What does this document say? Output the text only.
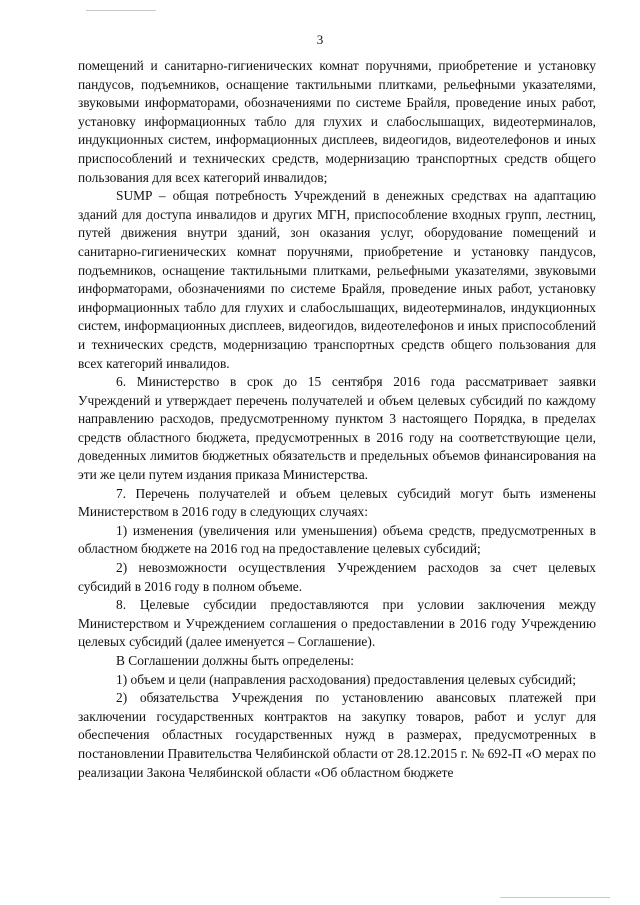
3

помещений и санитарно-гигиенических комнат поручнями, приобретение и установку пандусов, подъемников, оснащение тактильными плитками, рельефными указателями, звуковыми информаторами, обозначениями по системе Брайля, проведение иных работ, установку информационных табло для глухих и слабослышащих, видеотерминалов, индукционных систем, информационных дисплеев, видеогидов, видеотелефонов и иных приспособлений и технических средств, модернизацию транспортных средств общего пользования для всех категорий инвалидов;

SUMP – общая потребность Учреждений в денежных средствах на адаптацию зданий для доступа инвалидов и других МГН, приспособление входных групп, лестниц, путей движения внутри зданий, зон оказания услуг, оборудование помещений и санитарно-гигиенических комнат поручнями, приобретение и установку пандусов, подъемников, оснащение тактильными плитками, рельефными указателями, звуковыми информаторами, обозначениями по системе Брайля, проведение иных работ, установку информационных табло для глухих и слабослышащих, видеотерминалов, индукционных систем, информационных дисплеев, видеогидов, видеотелефонов и иных приспособлений и технических средств, модернизацию транспортных средств общего пользования для всех категорий инвалидов.

6. Министерство в срок до 15 сентября 2016 года рассматривает заявки Учреждений и утверждает перечень получателей и объем целевых субсидий по каждому направлению расходов, предусмотренному пунктом 3 настоящего Порядка, в пределах средств областного бюджета, предусмотренных в 2016 году на соответствующие цели, доведенных лимитов бюджетных обязательств и предельных объемов финансирования на эти же цели путем издания приказа Министерства.

7. Перечень получателей и объем целевых субсидий могут быть изменены Министерством в 2016 году в следующих случаях:

1) изменения (увеличения или уменьшения) объема средств, предусмотренных в областном бюджете на 2016 год на предоставление целевых субсидий;

2) невозможности осуществления Учреждением расходов за счет целевых субсидий в 2016 году в полном объеме.

8. Целевые субсидии предоставляются при условии заключения между Министерством и Учреждением соглашения о предоставлении в 2016 году Учреждению целевых субсидий (далее именуется – Соглашение).

В Соглашении должны быть определены:

1) объем и цели (направления расходования) предоставления целевых субсидий;

2) обязательства Учреждения по установлению авансовых платежей при заключении государственных контрактов на закупку товаров, работ и услуг для обеспечения областных государственных нужд в размерах, предусмотренных в постановлении Правительства Челябинской области от 28.12.2015 г. № 692-П «О мерах по реализации Закона Челябинской области «Об областном бюджете
